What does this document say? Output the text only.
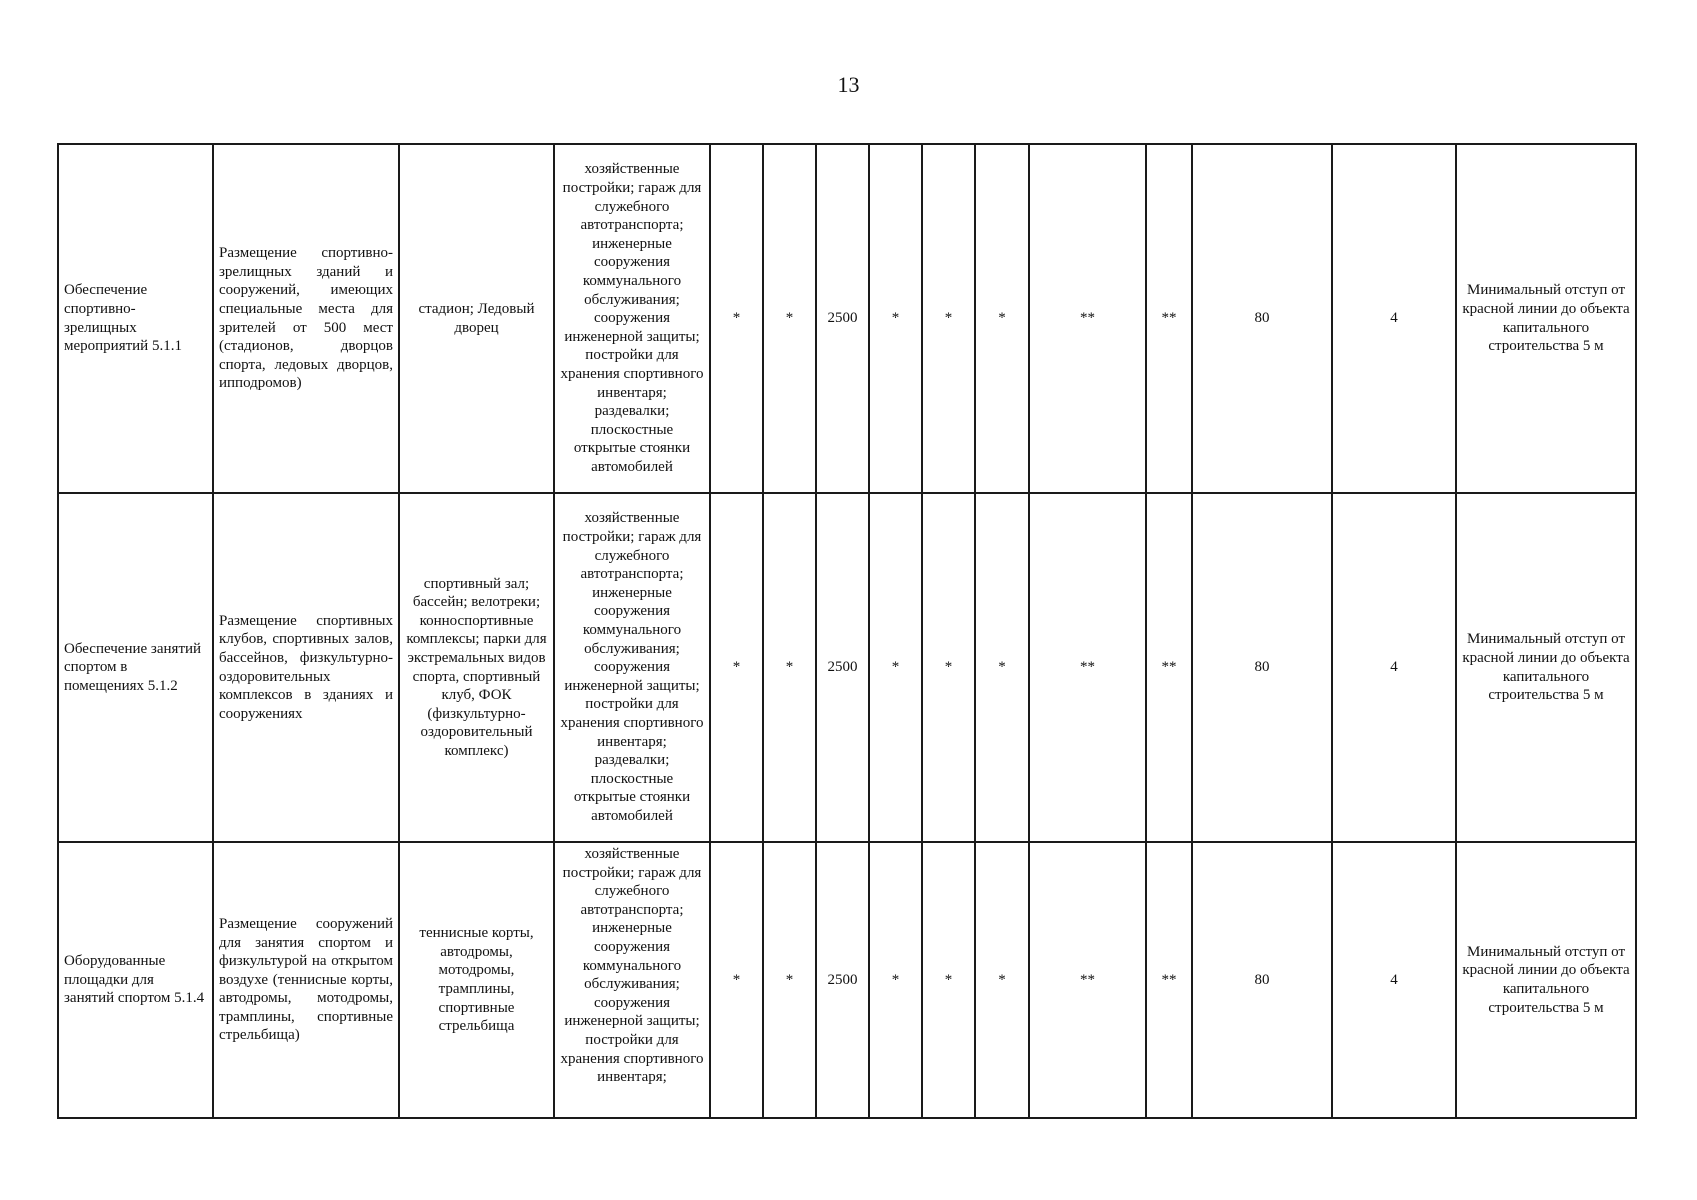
13
Обеспечение спортивно-зрелищных мероприятий 5.1.1	Размещение спортивно-зрелищных зданий и сооружений, имеющих специальные места для зрителей от 500 мест (стадионов, дворцов спорта, ледовых дворцов, ипподромов)	стадион; Ледовый дворец	хозяйственные постройки; гараж для служебного автотранспорта; инженерные сооружения коммунального обслуживания; сооружения инженерной защиты; постройки для хранения спортивного инвентаря; раздевалки; плоскостные открытые стоянки автомобилей	*	*	2500	*	*	*	**	**	80	4	Минимальный отступ от красной линии до объекта капитального строительства 5 м
Обеспечение занятий спортом в помещениях 5.1.2	Размещение спортивных клубов, спортивных залов, бассейнов, физкультурно-оздоровительных комплексов в зданиях и сооружениях	спортивный зал; бассейн; велотреки; конноспортивные комплексы; парки для экстремальных видов спорта, спортивный клуб, ФОК (физкультурно-оздоровительный комплекс)	хозяйственные постройки; гараж для служебного автотранспорта; инженерные сооружения коммунального обслуживания; сооружения инженерной защиты; постройки для хранения спортивного инвентаря; раздевалки; плоскостные открытые стоянки автомобилей	*	*	2500	*	*	*	**	**	80	4	Минимальный отступ от красной линии до объекта капитального строительства 5 м
Оборудованные площадки для занятий спортом 5.1.4	Размещение сооружений для занятия спортом и физкультурой на открытом воздухе (теннисные корты, автодромы, мотодромы, трамплины, спортивные стрельбища)	теннисные корты, автодромы, мотодромы, трамплины, спортивные стрельбища	хозяйственные постройки; гараж для служебного автотранспорта; инженерные сооружения коммунального обслуживания; сооружения инженерной защиты; постройки для хранения спортивного инвентаря;	*	*	2500	*	*	*	**	**	80	4	Минимальный отступ от красной линии до объекта капитального строительства 5 м
